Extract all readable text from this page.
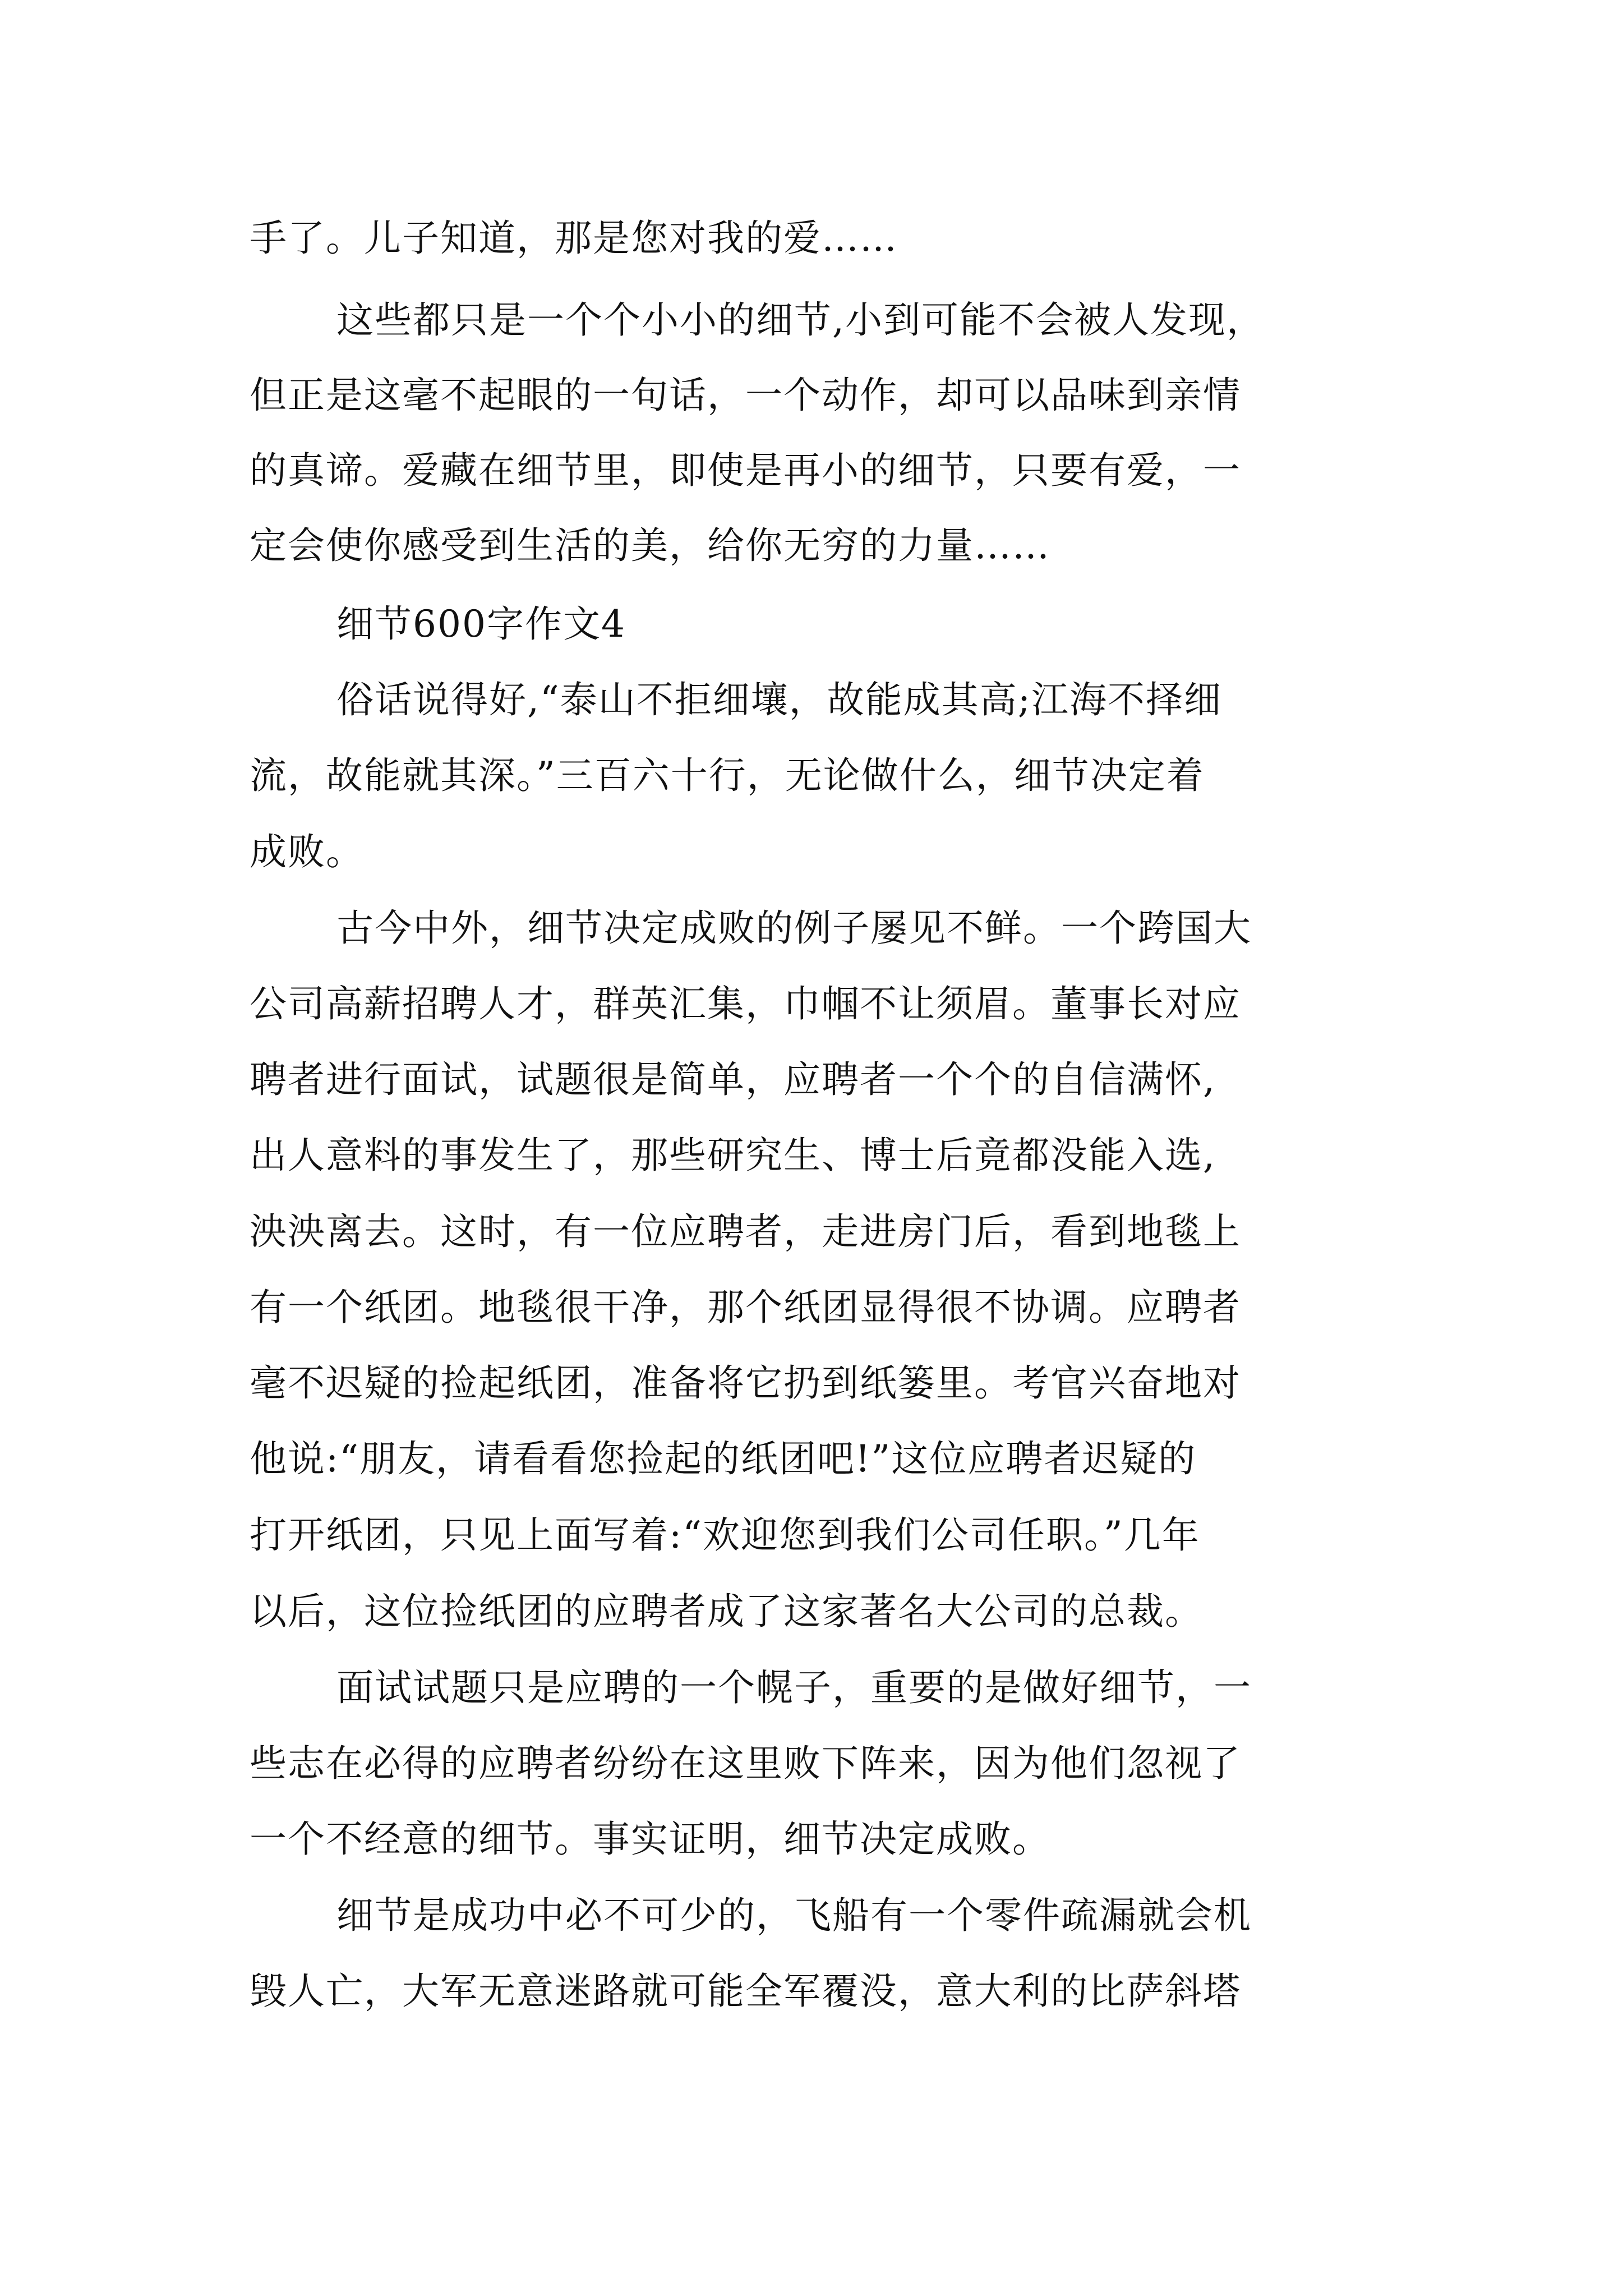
手了。儿子知道，那是您对我的爱……
这些都只是一个个小小的细节,小到可能不会被人发现，
但正是这毫不起眼的一句话，一个动作，却可以品味到亲情
的真谛。爱藏在细节里，即使是再小的细节，只要有爱，一
定会使你感受到生活的美，给你无穷的力量……
细节600字作文4
俗话说得好,“泰山不拒细壤，故能成其高;江海不择细
流，故能就其深。”三百六十行，无论做什么，细节决定着
成败。
古今中外，细节决定成败的例子屡见不鲜。一个跨国大
公司高薪招聘人才，群英汇集，巾帼不让须眉。董事长对应
聘者进行面试，试题很是简单，应聘者一个个的自信满怀,
出人意料的事发生了，那些研究生、博士后竟都没能入选,
泱泱离去。这时，有一位应聘者，走进房门后，看到地毯上
有一个纸团。地毯很干净，那个纸团显得很不协调。应聘者
毫不迟疑的捡起纸团，准备将它扔到纸篓里。考官兴奋地对
他说:“朋友，请看看您捡起的纸团吧!”这位应聘者迟疑的
打开纸团，只见上面写着:“欢迎您到我们公司任职。”几年
以后，这位捡纸团的应聘者成了这家著名大公司的总裁。
面试试题只是应聘的一个幌子，重要的是做好细节，一
些志在必得的应聘者纷纷在这里败下阵来，因为他们忽视了
一个不经意的细节。事实证明，细节决定成败。
细节是成功中必不可少的，飞船有一个零件疏漏就会机
毁人亡，大军无意迷路就可能全军覆没，意大利的比萨斜塔
